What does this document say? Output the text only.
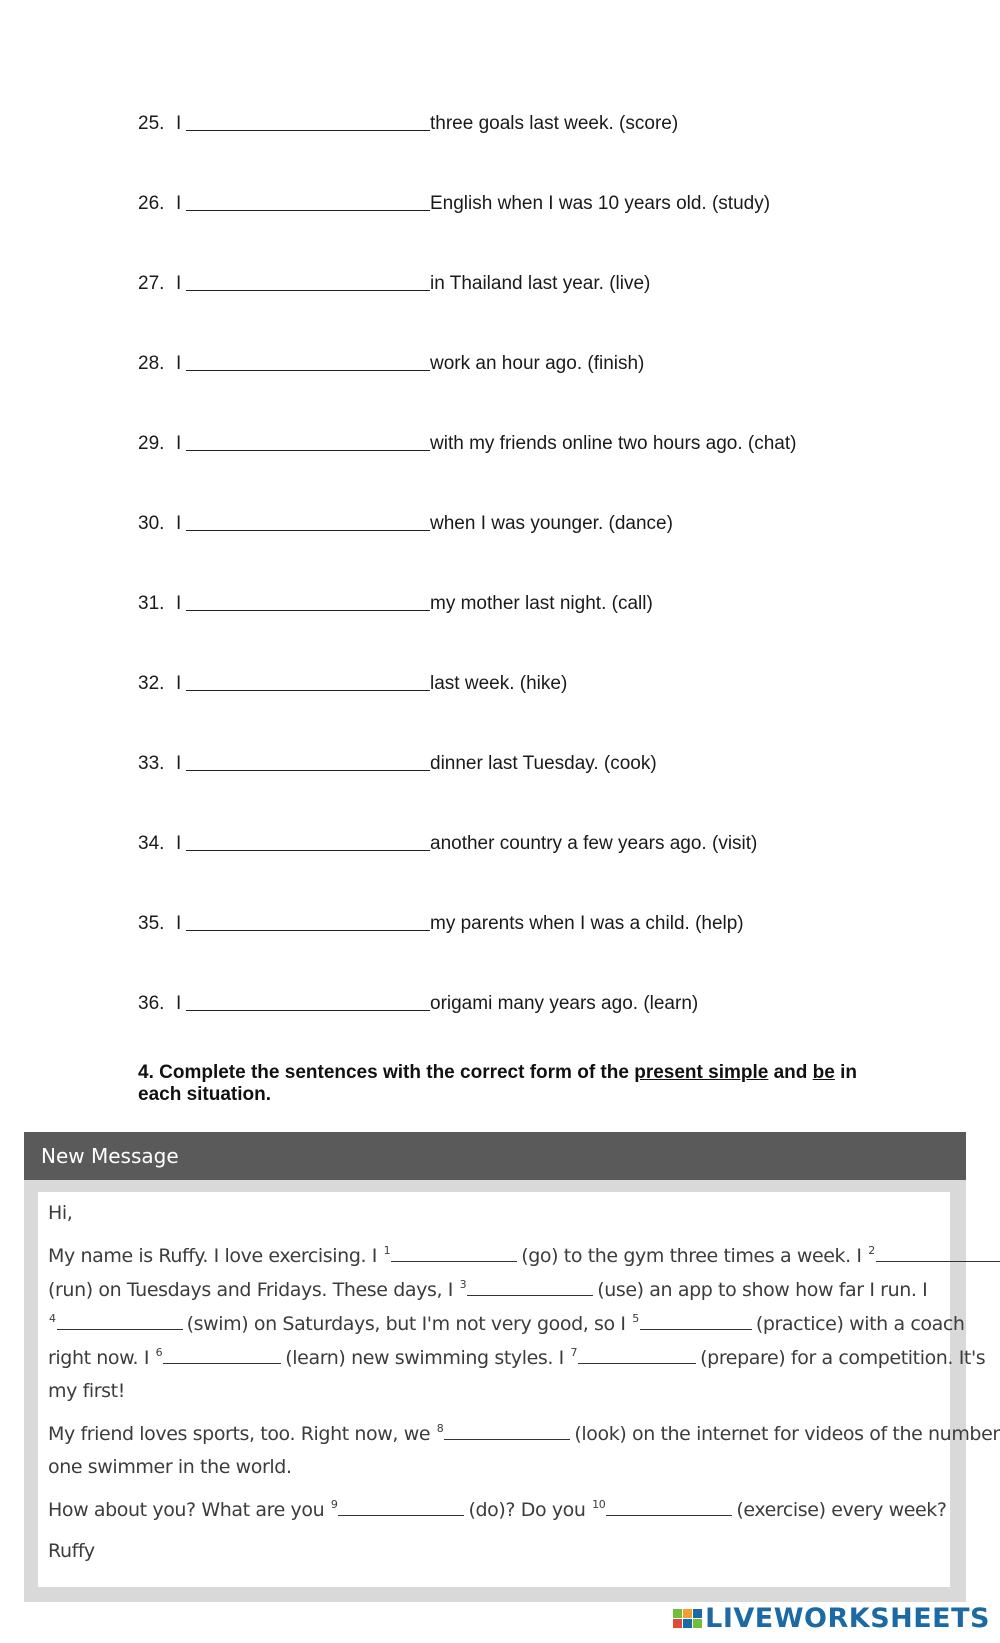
25. I	three goals last week. (score)
26. I	English when I was 10 years old. (study)
27. I	in Thailand last year. (live)
28. I	work an hour ago. (finish)
29. I	with my friends online two hours ago. (chat)
30. I	when I was younger. (dance)
31. I	my mother last night. (call)
32. I	last week. (hike)
33. I	dinner last Tuesday. (cook)
34. I	another country a few years ago. (visit)
35. I	my parents when I was a child. (help)
36. I	origami many years ago. (learn)
4. Complete the sentences with the correct form of the present simple and be in each situation.
New Message
Hi,
My name is Ruffy. I love exercising. I $^1$	(go) to the gym three times a week. I $^2$
(run) on Tuesdays and Fridays. These days, I $^3$	(use) an app to show how far I run. I
$^4$	(swim) on Saturdays, but I'm not very good, so I $^5$	(practice) with a coach
right now. I $^6$	(learn) new swimming styles. I $^7$	(prepare) for a competition. It's
my first!
My friend loves sports, too. Right now, we $^8$	(look) on the internet for videos of the number
one swimmer in the world.
How about you? What are you $^9$	(do)? Do you $^{10}$	(exercise) every week?
Ruffy
LIVEWORKSHEETS
